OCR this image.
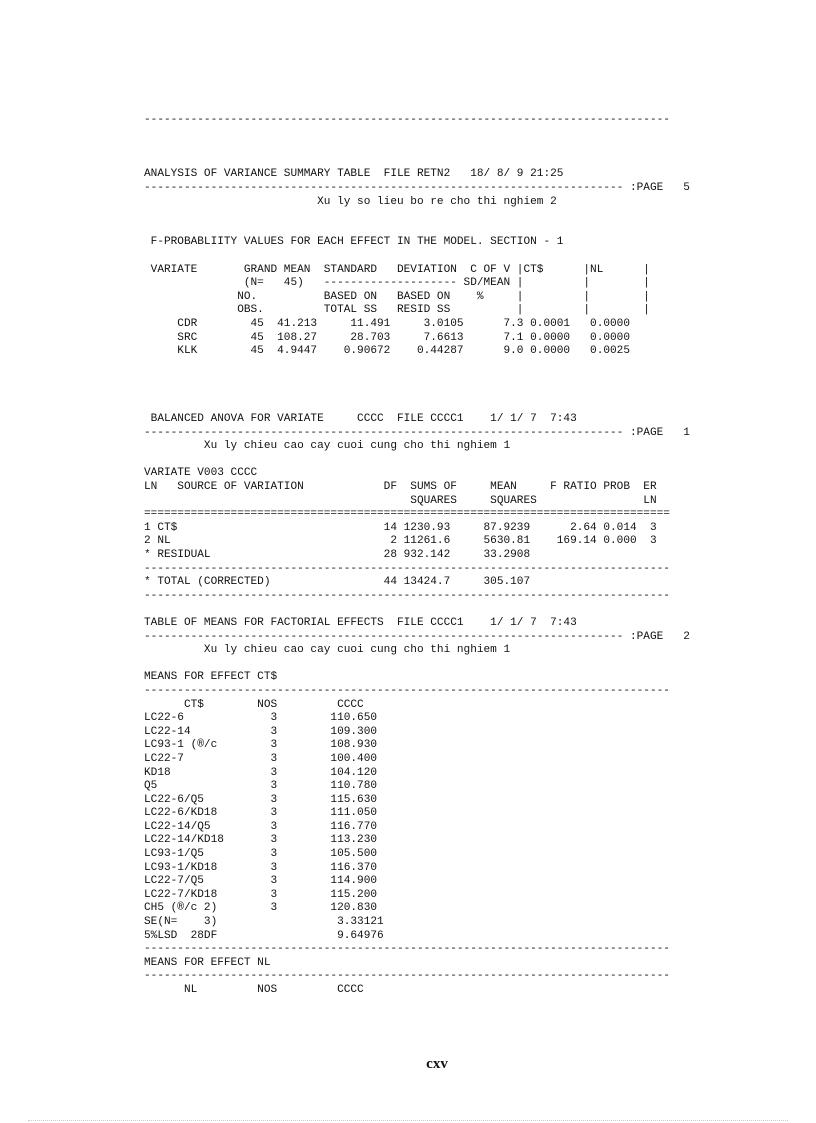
-------------------------------------------------------------------------------
ANALYSIS OF VARIANCE SUMMARY TABLE  FILE RETN2   18/ 8/ 9 21:25
------------------------------------------------------------------------ :PAGE   5
Xu ly so lieu bo re cho thi nghiem 2
F-PROBABLIITY VALUES FOR EACH EFFECT IN THE MODEL. SECTION - 1
VARIATE       GRAND MEAN  STANDARD   DEVIATION  C OF V |CT$      |NL      |
(N=   45)   -------------------- SD/MEAN |         |        |
NO.          BASED ON   BASED ON    %     |         |        |
OBS.         TOTAL SS   RESID SS          |         |        |
CDR        45  41.213     11.491     3.0105      7.3 0.0001   0.0000
SRC        45  108.27     28.703     7.6613      7.1 0.0000   0.0000
KLK        45  4.9447    0.90672    0.44287      9.0 0.0000   0.0025
BALANCED ANOVA FOR VARIATE     CCCC  FILE CCCC1    1/ 1/ 7  7:43
------------------------------------------------------------------------ :PAGE   1
Xu ly chieu cao cay cuoi cung cho thi nghiem 1
VARIATE V003 CCCC
LN   SOURCE OF VARIATION            DF  SUMS OF     MEAN     F RATIO PROB  ER
SQUARES     SQUARES                LN
===============================================================================
1 CT$                               14 1230.93     87.9239      2.64 0.014  3
2 NL                                 2 11261.6     5630.81    169.14 0.000  3
* RESIDUAL                          28 932.142     33.2908
-------------------------------------------------------------------------------
* TOTAL (CORRECTED)                 44 13424.7     305.107
-------------------------------------------------------------------------------
TABLE OF MEANS FOR FACTORIAL EFFECTS  FILE CCCC1    1/ 1/ 7  7:43
------------------------------------------------------------------------ :PAGE   2
Xu ly chieu cao cay cuoi cung cho thi nghiem 1
MEANS FOR EFFECT CT$
-------------------------------------------------------------------------------
CT$        NOS         CCCC
LC22-6             3        110.650
LC22-14            3        109.300
LC93-1 (®/c        3        108.930
LC22-7             3        100.400
KD18               3        104.120
Q5                 3        110.780
LC22-6/Q5          3        115.630
LC22-6/KD18        3        111.050
LC22-14/Q5         3        116.770
LC22-14/KD18       3        113.230
LC93-1/Q5          3        105.500
LC93-1/KD18        3        116.370
LC22-7/Q5          3        114.900
LC22-7/KD18        3        115.200
CH5 (®/c 2)        3        120.830
SE(N=    3)                  3.33121
5%LSD  28DF                  9.64976
-------------------------------------------------------------------------------
MEANS FOR EFFECT NL
-------------------------------------------------------------------------------
NL         NOS         CCCC
cxv
